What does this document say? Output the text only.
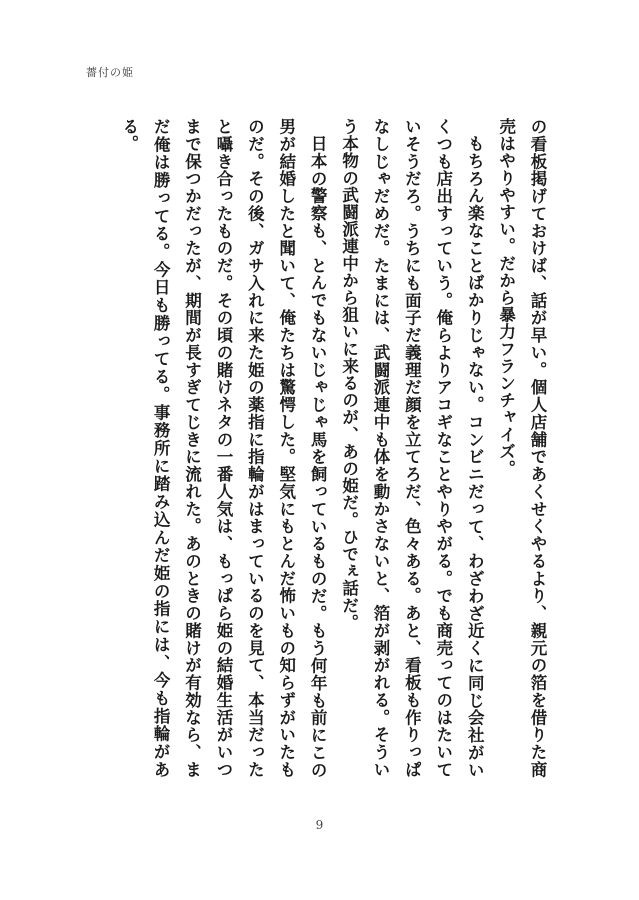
薔付の姫

の看板掲げておけば、話が早い。個人店舗であくせくやるより、親元の箔を借りた商売はやりやすい。だから暴力フランチャイズ。

もちろん楽なことばかりじゃない。コンビニだって、わざわざ近くに同じ会社がいくつも店出すっていう。俺らよりアコギなことやりやがる。でも商売ってのはたいていそうだろ。うちにも面子だ義理だ顔を立てろだ、色々ある。あと、看板も作りっぱなしじゃだめだ。たまには、武闘派連中も体を動かさないと、箔が剥がれる。そういう本物の武闘派連中から狙いに来るのが、あの姫だ。ひでぇ話だ。

日本の警察も、とんでもないじゃじゃ馬を飼っているものだ。もう何年も前にこの男が結婚したと聞いて、俺たちは驚愕した。堅気にもとんだ怖いもの知らずがいたものだ。その後、ガサ入れに来た姫の薬指に指輪がはまっているのを見て、本当だったと囁き合ったものだ。その頃の賭けネタの一番人気は、もっぱら姫の結婚生活がいつまで保つかだったが、期間が長すぎてじきに流れた。あのときの賭けが有効なら、まだ俺は勝ってる。今日も勝ってる。事務所に踏み込んだ姫の指には、今も指輪がある。

9
